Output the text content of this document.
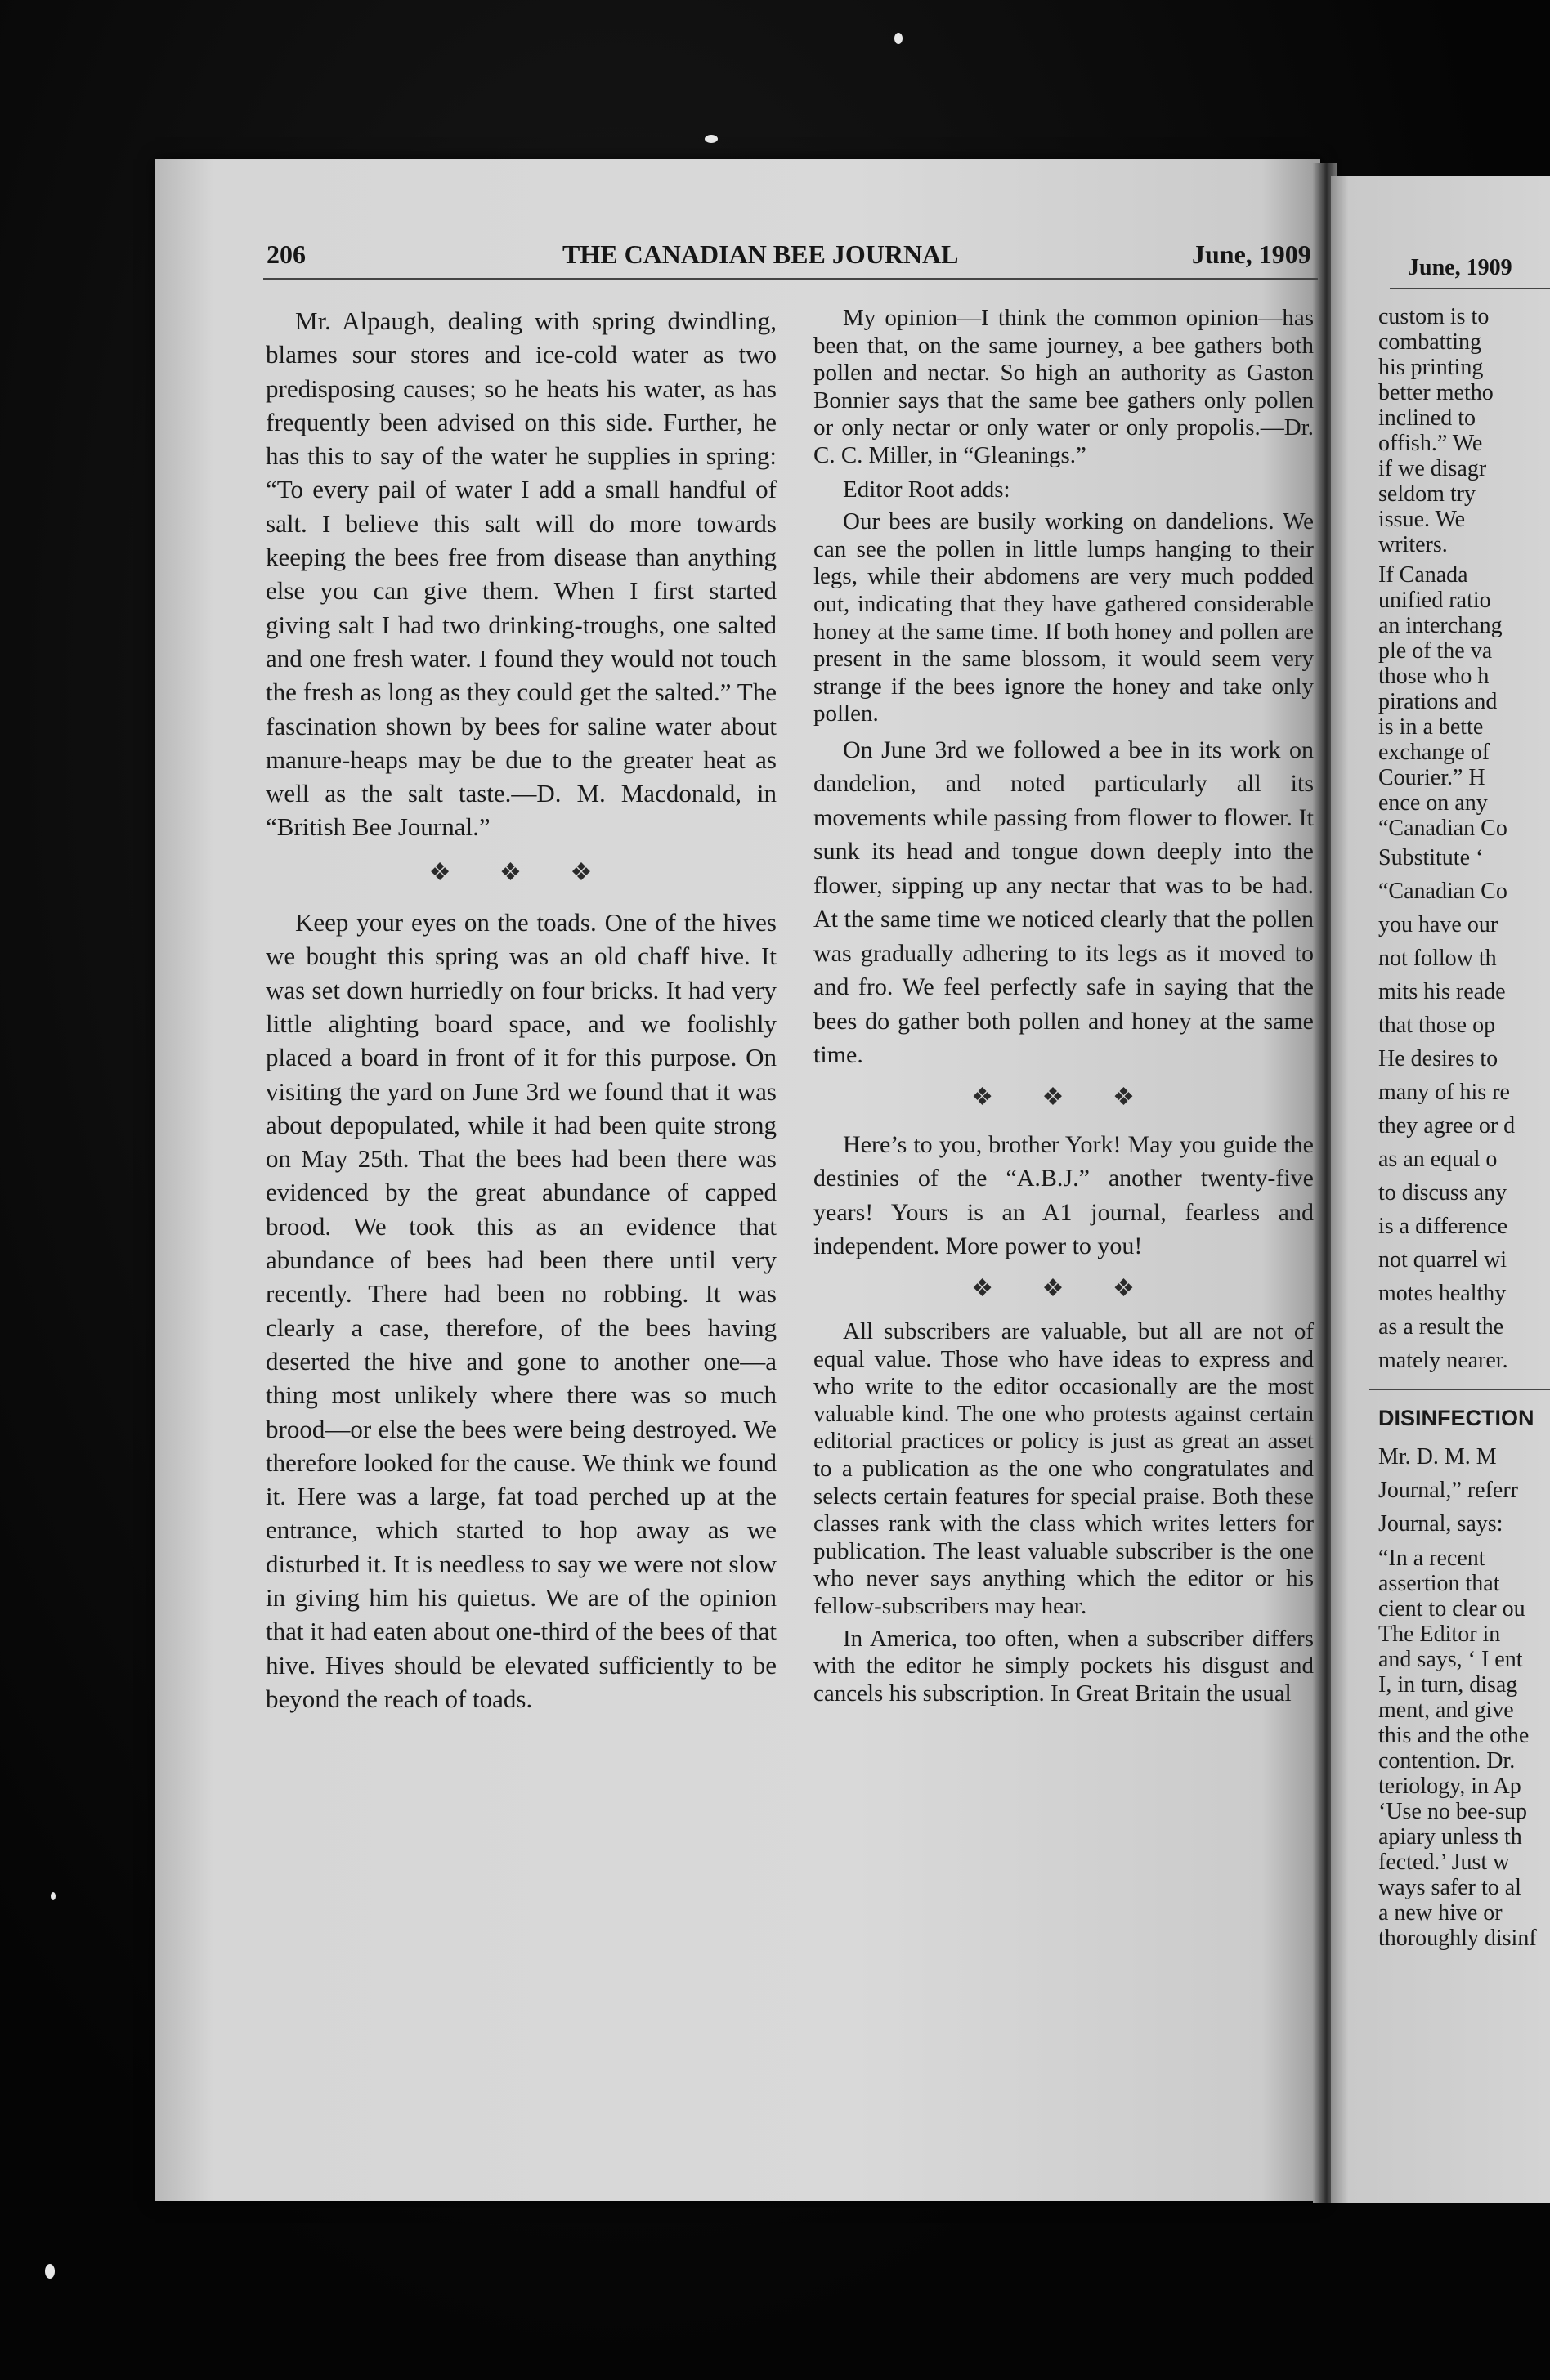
206	THE CANADIAN BEE JOURNAL	June, 1909

Mr. Alpaugh, dealing with spring dwindling, blames sour stores and ice-cold water as two predisposing causes; so he heats his water, as has frequently been advised on this side. Further, he has this to say of the water he supplies in spring: “To every pail of water I add a small handful of salt. I believe this salt will do more towards keeping the bees free from disease than anything else you can give them. When I first started giving salt I had two drinking-troughs, one salted and one fresh water. I found they would not touch the fresh as long as they could get the salted.” The fascination shown by bees for saline water about manure-heaps may be due to the greater heat as well as the salt taste.—D. M. Macdonald, in “British Bee Journal.”

❖ ❖ ❖

Keep your eyes on the toads. One of the hives we bought this spring was an old chaff hive. It was set down hurriedly on four bricks. It had very little alighting board space, and we foolishly placed a board in front of it for this purpose. On visiting the yard on June 3rd we found that it was about depopulated, while it had been quite strong on May 25th. That the bees had been there was evidenced by the great abundance of capped brood. We took this as an evidence that abundance of bees had been there until very recently. There had been no robbing. It was clearly a case, therefore, of the bees having deserted the hive and gone to another one—a thing most unlikely where there was so much brood—or else the bees were being destroyed. We therefore looked for the cause. We think we found it. Here was a large, fat toad perched up at the entrance, which started to hop away as we disturbed it. It is needless to say we were not slow in giving him his quietus. We are of the opinion that it had eaten about one-third of the bees of that hive. Hives should be elevated sufficiently to be beyond the reach of toads.

My opinion—I think the common opinion—has been that, on the same journey, a bee gathers both pollen and nectar. So high an authority as Gaston Bonnier says that the same bee gathers only pollen or only nectar or only water or only propolis.—Dr. C. C. Miller, in “Gleanings.”

Editor Root adds:

Our bees are busily working on dandelions. We can see the pollen in little lumps hanging to their legs, while their abdomens are very much podded out, indicating that they have gathered considerable honey at the same time. If both honey and pollen are present in the same blossom, it would seem very strange if the bees ignore the honey and take only pollen.

On June 3rd we followed a bee in its work on dandelion, and noted particularly all its movements while passing from flower to flower. It sunk its head and tongue down deeply into the flower, sipping up any nectar that was to be had. At the same time we noticed clearly that the pollen was gradually adhering to its legs as it moved to and fro. We feel perfectly safe in saying that the bees do gather both pollen and honey at the same time.

❖ ❖ ❖

Here’s to you, brother York! May you guide the destinies of the “A.B.J.” another twenty-five years! Yours is an A1 journal, fearless and independent. More power to you!

❖ ❖ ❖

All subscribers are valuable, but all are not of equal value. Those who have ideas to express and who write to the editor occasionally are the most valuable kind. The one who protests against certain editorial practices or policy is just as great an asset to a publication as the one who congratulates and selects certain features for special praise. Both these classes rank with the class which writes letters for publication. The least valuable subscriber is the one who never says anything which the editor or his fellow-subscribers may hear.

In America, too often, when a subscriber differs with the editor he simply pockets his disgust and cancels his subscription. In Great Britain the usual

June, 1909
custom is to
combatting
his printing
better metho
inclined to
offish.” We
if we disagr
seldom try
issue. We
writers.
If Canada
unified ratio
an interchang
ple of the va
those who h
pirations and
is in a bette
exchange of
Courier.” H
ence on any
“Canadian Co
Substitute ‘
“Canadian Co
you have our
not follow th
mits his reade
that those op
He desires to
many of his re
they agree or d
as an equal o
to discuss any
is a difference
not quarrel wi
motes healthy
as a result the
mately nearer.
DISINFECTION
Mr. D. M. M
Journal,” referr
Journal, says:
“In a recent
assertion that
cient to clear ou
The Editor in
and says, ‘ I ent
I, in turn, disag
ment, and give
this and the othe
contention. Dr.
teriology, in Ap
‘Use no bee-sup
apiary unless th
fected.’ Just w
ways safer to al
a new hive or
thoroughly disinf
